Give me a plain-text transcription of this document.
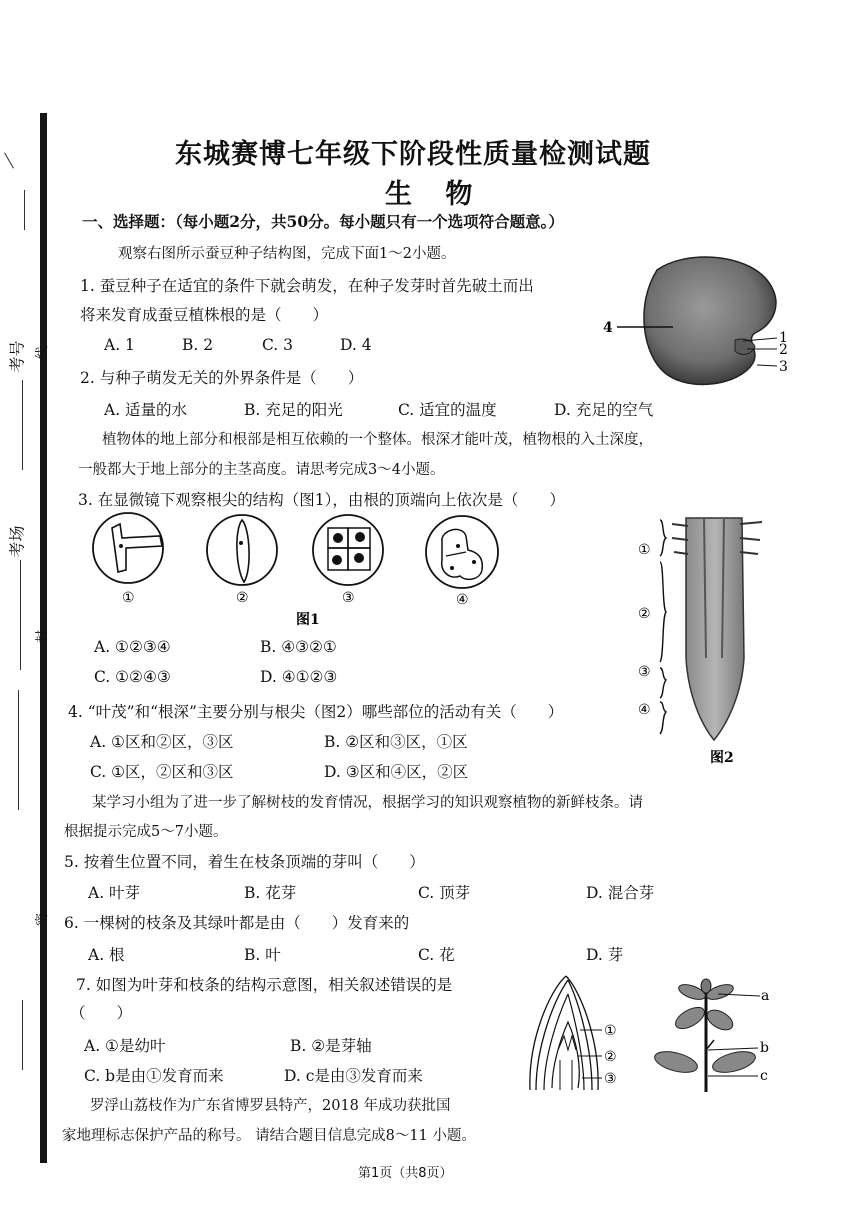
考号 线
考场
封
密
东城赛博七年级下阶段性质量检测试题
生 物
一、选择题：（每小题2分，共50分。每小题只有一个选项符合题意。）
观察右图所示蚕豆种子结构图，完成下面1～2小题。
1. 蚕豆种子在适宜的条件下就会萌发，在种子发芽时首先破土而出
将来发育成蚕豆植株根的是（　　）
A. 1	B. 2	C. 3	D. 4
4
1
2
3
2. 与种子萌发无关的外界条件是（　　）
A. 适量的水	B. 充足的阳光	C. 适宜的温度	D. 充足的空气
植物体的地上部分和根部是相互依赖的一个整体。根深才能叶茂，植物根的入土深度，
一般都大于地上部分的主茎高度。请思考完成3～4小题。
3. 在显微镜下观察根尖的结构（图1），由根的顶端向上依次是（　　）
①	②	③	④
图1
A. ①②③④	B. ④③②①
C. ①②④③	D. ④①②③
①
②
③
④
图2
4. “叶茂”和“根深”主要分别与根尖（图2）哪些部位的活动有关（　　）
A. ①区和②区，③区	B. ②区和③区，①区
C. ①区，②区和③区	D. ③区和④区，②区
某学习小组为了进一步了解树枝的发育情况，根据学习的知识观察植物的新鲜枝条。请
根据提示完成5～7小题。
5. 按着生位置不同，着生在枝条顶端的芽叫（　　）
A. 叶芽	B. 花芽	C. 顶芽	D. 混合芽
6. 一棵树的枝条及其绿叶都是由（　　）发育来的
A. 根	B. 叶	C. 花	D. 芽
7. 如图为叶芽和枝条的结构示意图，相关叙述错误的是
（　　）
A. ①是幼叶	B. ②是芽轴
C. b是由①发育而来	D. c是由③发育而来
①
②
③
a
b
c
罗浮山荔枝作为广东省博罗县特产，2018 年成功获批国
家地理标志保护产品的称号。 请结合题目信息完成8～11 小题。
第1页（共8页）
